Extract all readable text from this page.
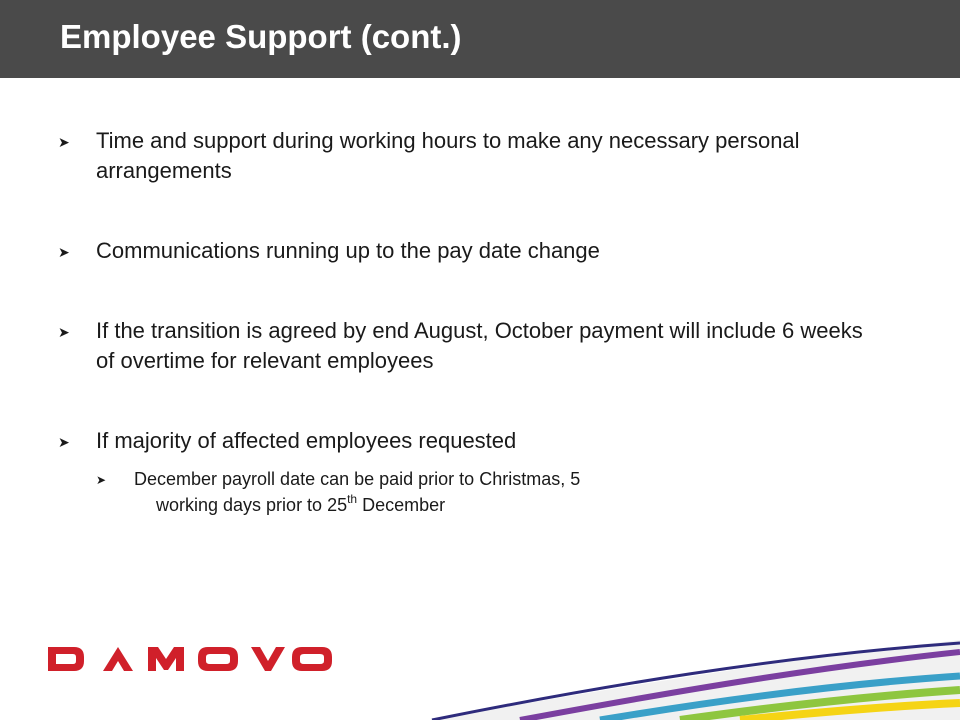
Employee Support (cont.)
➤ Time and support during working hours to make any necessary personal arrangements
➤ Communications running up to the pay date change
➤ If the transition is agreed by end August, October payment will include 6 weeks of overtime for relevant employees
➤ If majority of affected employees requested
➤ December payroll date can be paid prior to Christmas, 5
working days prior to 25th December
